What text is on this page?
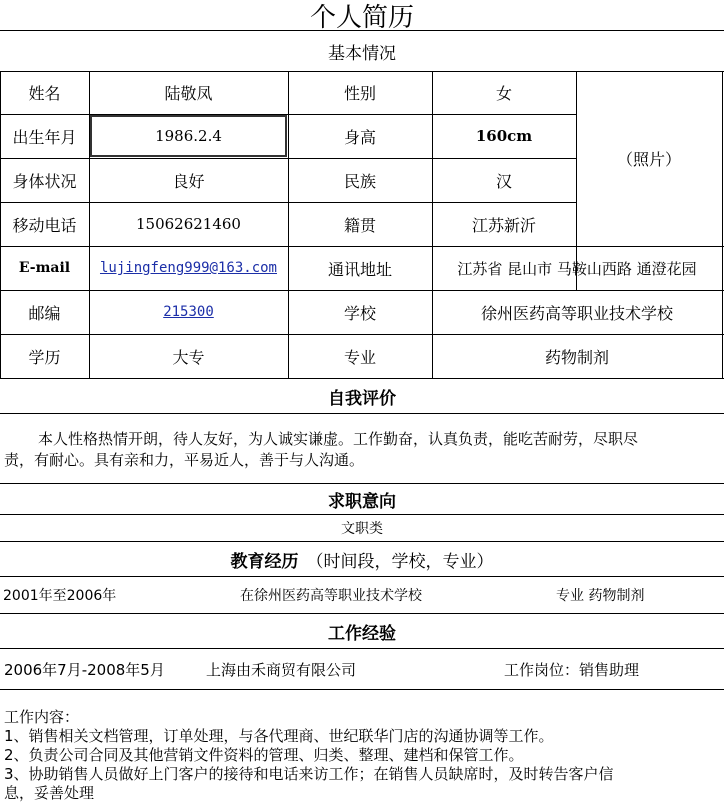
个人简历
基本情况
姓名	陆敬凤	性别	女
（照片）
出生年月	1986.2.4	身高	160cm
身体状况	良好	民族	汉
移动电话	15062621460	籍贯	江苏新沂
E-mail	lujingfeng999@163.com	通讯地址	江苏省 昆山市 马鞍山西路 通澄花园
邮编	215300	学校	徐州医药高等职业技术学校
学历	大专	专业	药物制剂
自我评价
本人性格热情开朗，待人友好，为人诚实谦虚。工作勤奋，认真负责，能吃苦耐劳，尽职尽
责，有耐心。具有亲和力，平易近人，善于与人沟通。
求职意向
文职类
教育经历 （时间段，学校，专业）
2001年至2006年	在徐州医药高等职业技术学校	专业 药物制剂
工作经验
2006年7月-2008年5月	上海由禾商贸有限公司	工作岗位：销售助理
工作内容：
1、销售相关文档管理，订单处理，与各代理商、世纪联华门店的沟通协调等工作。
2、负责公司合同及其他营销文件资料的管理、归类、整理、建档和保管工作。
3、协助销售人员做好上门客户的接待和电话来访工作；在销售人员缺席时，及时转告客户信
息，妥善处理
